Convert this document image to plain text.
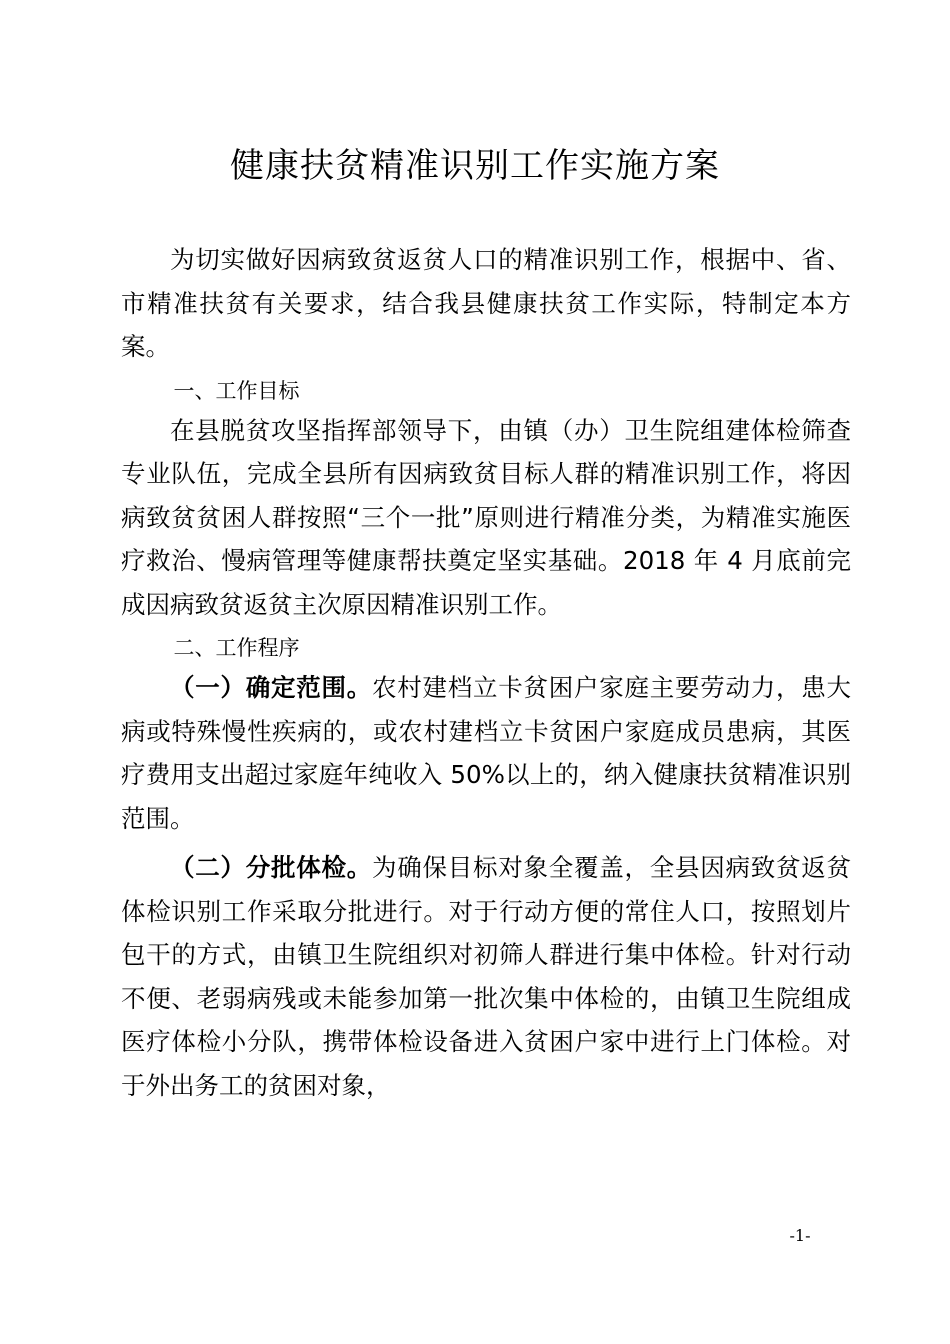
健康扶贫精准识别工作实施方案

为切实做好因病致贫返贫人口的精准识别工作，根据中、省、市精准扶贫有关要求，结合我县健康扶贫工作实际，特制定本方案。

一、工作目标

在县脱贫攻坚指挥部领导下，由镇（办）卫生院组建体检筛查专业队伍，完成全县所有因病致贫目标人群的精准识别工作，将因病致贫贫困人群按照“三个一批”原则进行精准分类，为精准实施医疗救治、慢病管理等健康帮扶奠定坚实基础。2018 年 4 月底前完成因病致贫返贫主次原因精准识别工作。

二、工作程序

（一）确定范围。农村建档立卡贫困户家庭主要劳动力，患大病或特殊慢性疾病的，或农村建档立卡贫困户家庭成员患病，其医疗费用支出超过家庭年纯收入 50%以上的，纳入健康扶贫精准识别范围。

（二）分批体检。为确保目标对象全覆盖，全县因病致贫返贫体检识别工作采取分批进行。对于行动方便的常住人口，按照划片包干的方式，由镇卫生院组织对初筛人群进行集中体检。针对行动不便、老弱病残或未能参加第一批次集中体检的，由镇卫生院组成医疗体检小分队，携带体检设备进入贫困户家中进行上门体检。对于外出务工的贫困对象，

-1-
